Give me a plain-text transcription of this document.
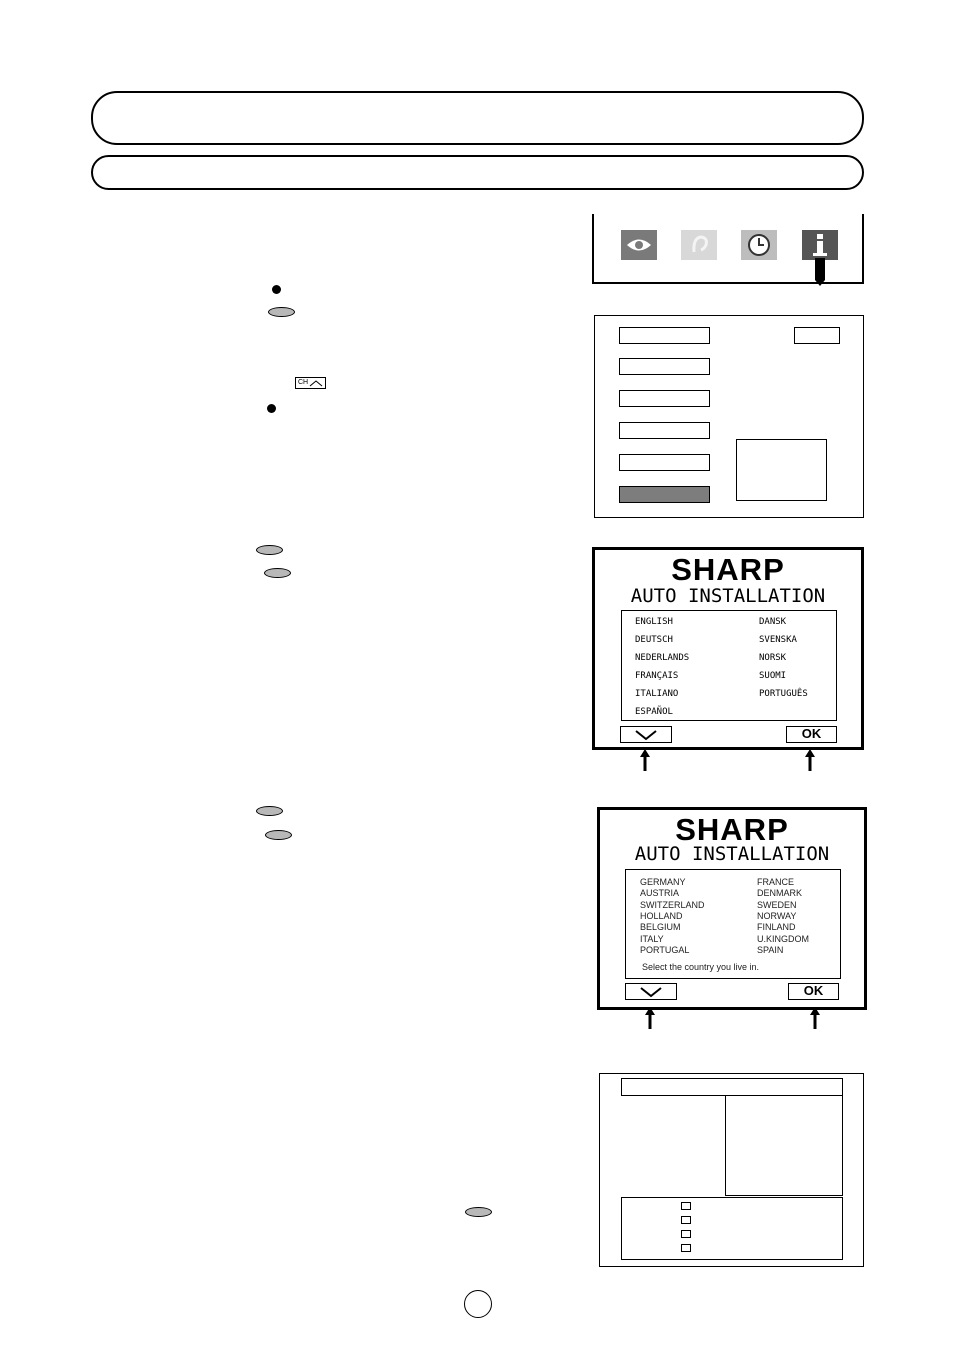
CH
SHARP
AUTO INSTALLATION
ENGLISH
DEUTSCH
NEDERLANDS
FRANÇAIS
ITALIANO
ESPAÑOL
DANSK
SVENSKA
NORSK
SUOMI
PORTUGUÊS
OK
SHARP
AUTO INSTALLATION
GERMANY
AUSTRIA
SWITZERLAND
HOLLAND
BELGIUM
ITALY
PORTUGAL
FRANCE
DENMARK
SWEDEN
NORWAY
FINLAND
U.KINGDOM
SPAIN
Select the country you live in.
OK
